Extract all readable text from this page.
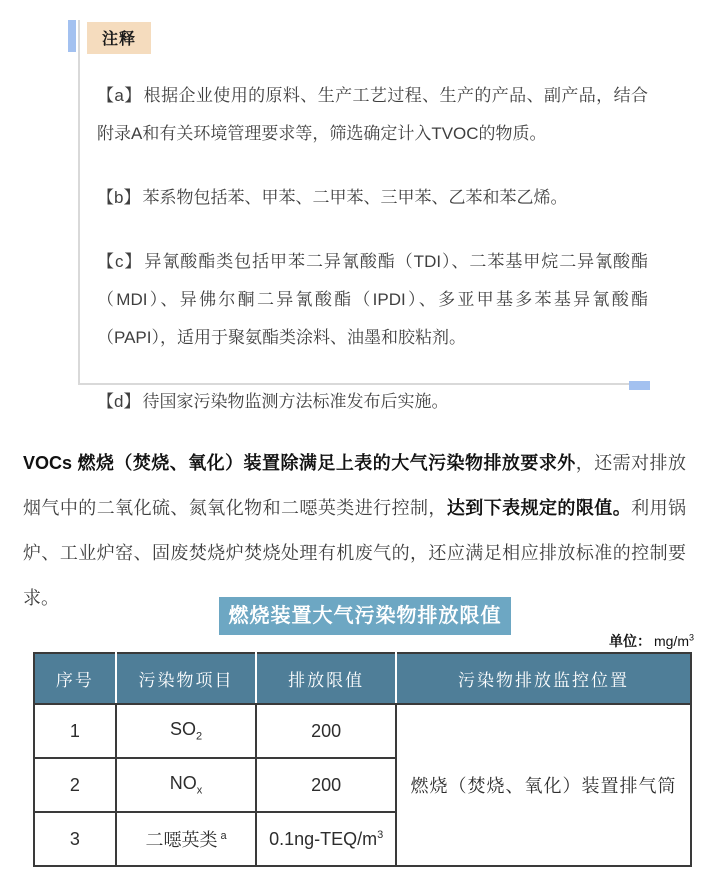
注释

【a】 根据企业使用的原料、生产工艺过程、生产的产品、副产品，结合附录A和有关环境管理要求等，筛选确定计入TVOC的物质。

【b】 苯系物包括苯、甲苯、二甲苯、三甲苯、乙苯和苯乙烯。

【c】 异氰酸酯类包括甲苯二异氰酸酯（TDI）、二苯基甲烷二异氰酸酯（MDI）、异佛尔酮二异氰酸酯（IPDI）、多亚甲基多苯基异氰酸酯（PAPI），适用于聚氨酯类涂料、油墨和胶粘剂。

【d】 待国家污染物监测方法标准发布后实施。

VOCs 燃烧（焚烧、氧化）装置除满足上表的大气污染物排放要求外，还需对排放烟气中的二氧化硫、氮氧化物和二噁英类进行控制，达到下表规定的限值。利用锅炉、工业炉窑、固废焚烧炉焚烧处理有机废气的，还应满足相应排放标准的控制要求。

燃烧装置大气污染物排放限值
单位： $mg/m^3$
序号	污染物项目	排放限值	污染物排放监控位置
1	$SO_2$	200	燃烧（焚烧、氧化）装置排气筒
2	$NO_x$	200	
3	二噁英类 $^a$	$0.1ng-TEQ/m^3$
